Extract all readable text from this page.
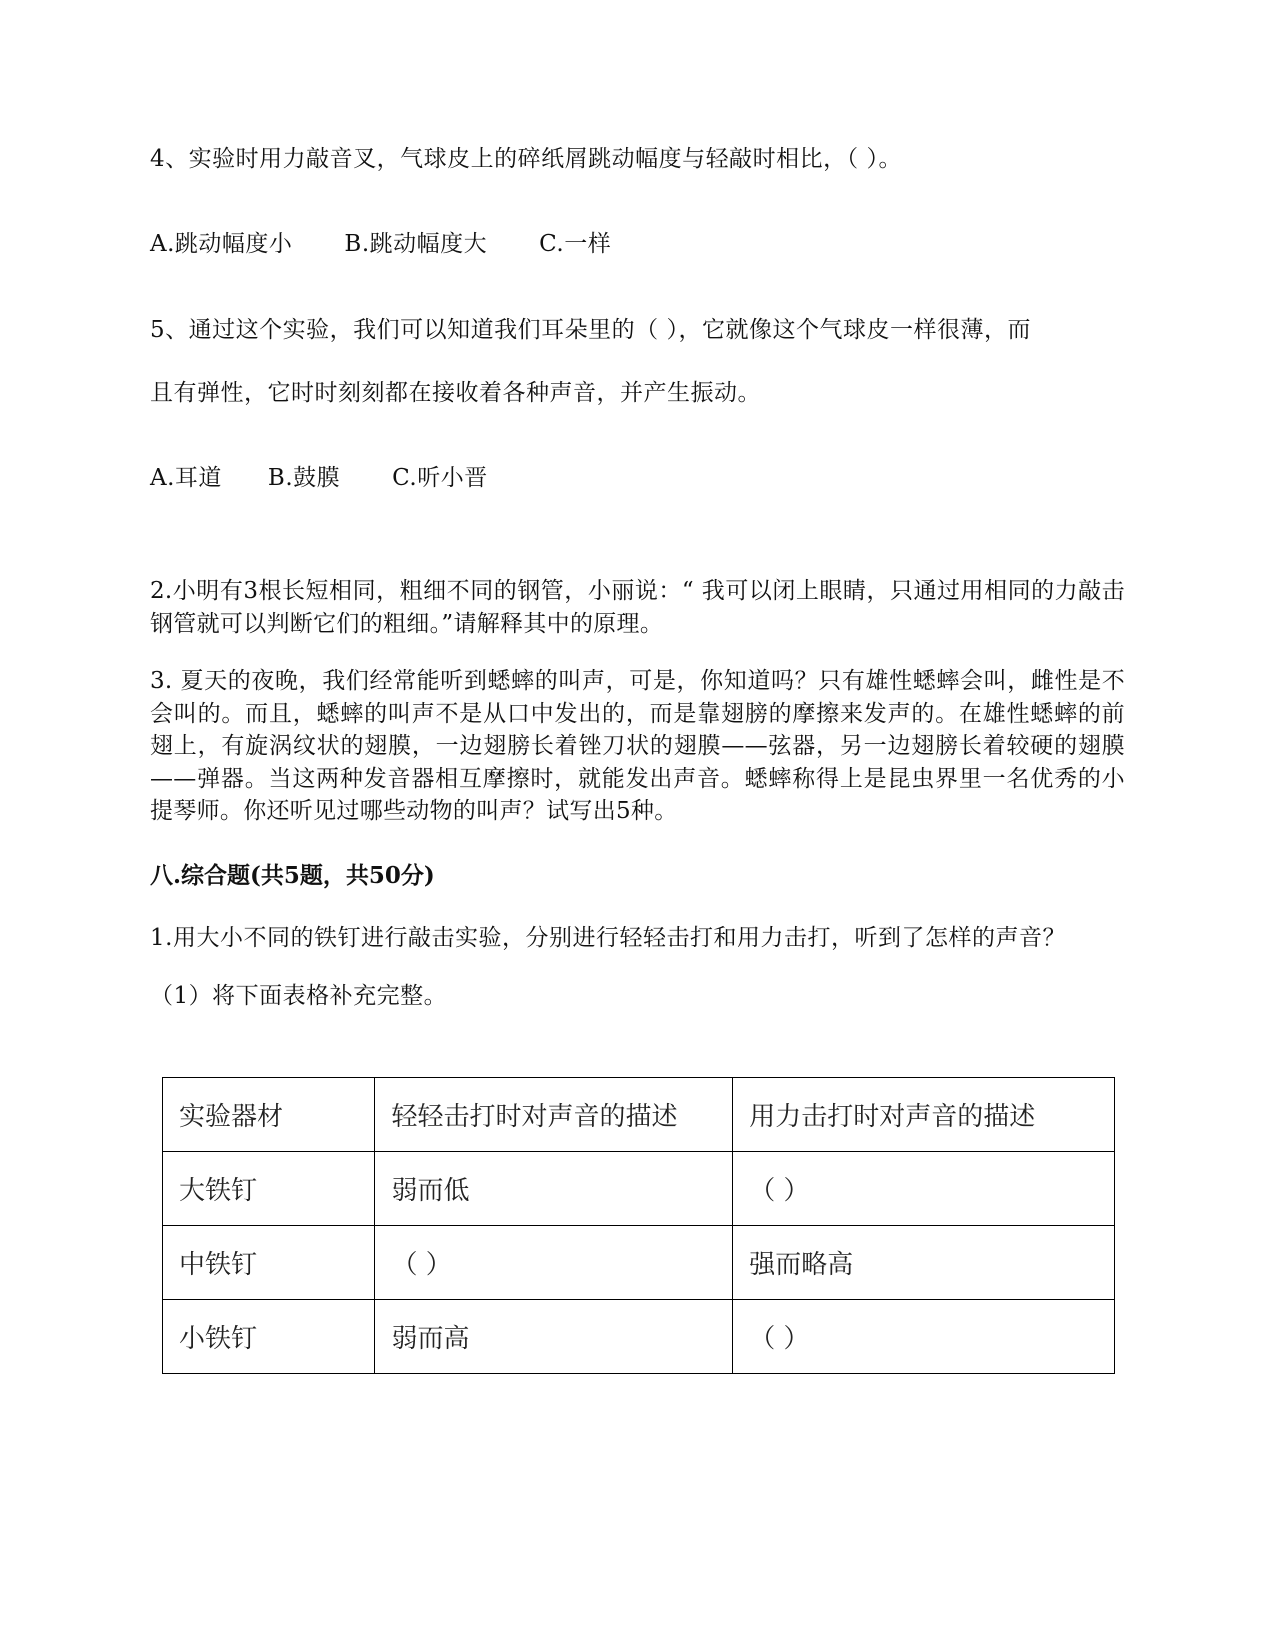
4、实验时用力敲音叉，气球皮上的碎纸屑跳动幅度与轻敲时相比，（ ）。
A.跳动幅度小 B.跳动幅度大 C.一样
5、通过这个实验，我们可以知道我们耳朵里的（ ），它就像这个气球皮一样很薄，而
且有弹性，它时时刻刻都在接收着各种声音，并产生振动。
A.耳道 B.鼓膜 C.听小晋
2.小明有3根长短相同，粗细不同的钢管，小丽说：“ 我可以闭上眼睛，只通过用相同的力敲击钢管就可以判断它们的粗细。”请解释其中的原理。
3. 夏天的夜晚，我们经常能听到蟋蟀的叫声，可是，你知道吗？只有雄性蟋蟀会叫，雌性是不会叫的。而且，蟋蟀的叫声不是从口中发出的，而是靠翅膀的摩擦来发声的。在雄性蟋蟀的前翅上，有旋涡纹状的翅膜，一边翅膀长着锉刀状的翅膜——弦器，另一边翅膀长着较硬的翅膜——弹器。当这两种发音器相互摩擦时，就能发出声音。蟋蟀称得上是昆虫界里一名优秀的小提琴师。你还听见过哪些动物的叫声？试写出5种。
八.综合题(共5题，共50分)
1.用大小不同的铁钉进行敲击实验，分别进行轻轻击打和用力击打，听到了怎样的声音？
（1）将下面表格补充完整。
实验器材	轻轻击打时对声音的描述	用力击打时对声音的描述
大铁钉	弱而低	（ ）
中铁钉	（ ）	强而略高
小铁钉	弱而高	（ ）
